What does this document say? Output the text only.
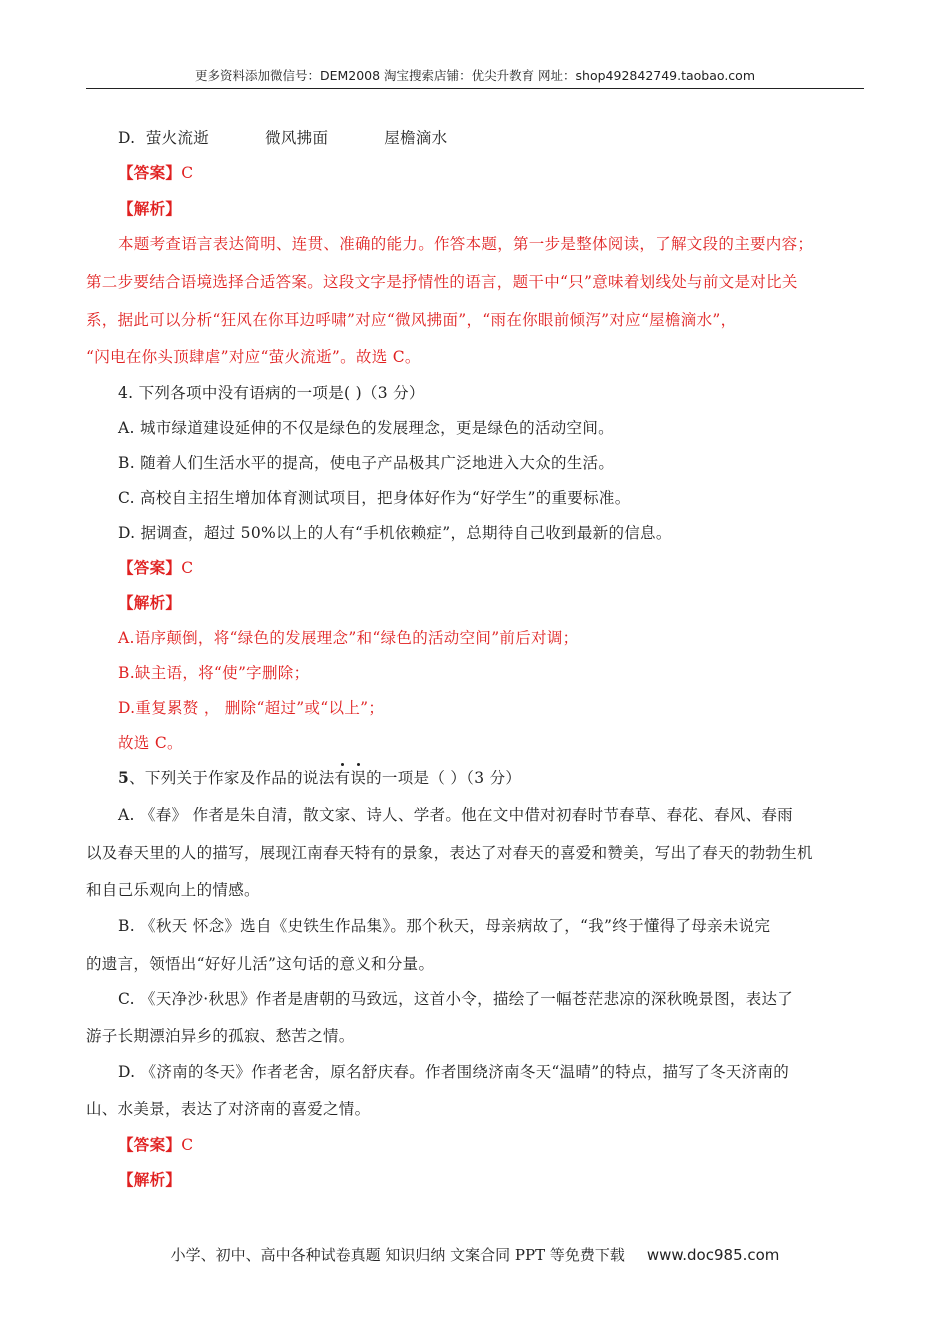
更多资料添加微信号：DEM2008 淘宝搜索店铺：优尖升教育 网址：shop492842749.taobao.com
D. 萤火流逝	微风拂面	屋檐滴水
【答案】C
【解析】
本题考查语言表达简明、连贯、准确的能力。作答本题，第一步是整体阅读，了解文段的主要内容；
第二步要结合语境选择合适答案。这段文字是抒情性的语言，题干中“只”意味着划线处与前文是对比关
系，据此可以分析“狂风在你耳边呼啸”对应“微风拂面”，“雨在你眼前倾泻”对应“屋檐滴水”，
“闪电在你头顶肆虐”对应“萤火流逝”。故选 C。
4. 下列各项中没有语病的一项是( )（3 分）
A. 城市绿道建设延伸的不仅是绿色的发展理念，更是绿色的活动空间。
B. 随着人们生活水平的提高，使电子产品极其广泛地进入大众的生活。
C. 高校自主招生增加体育测试项目，把身体好作为“好学生”的重要标准。
D. 据调查，超过 50%以上的人有“手机依赖症”，总期待自己收到最新的信息。
【答案】C
【解析】
A.语序颠倒，将“绿色的发展理念”和“绿色的活动空间”前后对调；
B.缺主语，将“使”字删除；
D.重复累赘 ， 删除“超过”或“以上”；
故选 C。
5、下列关于作家及作品的说法有误的一项是（ ）（3 分）
A. 《春》 作者是朱自清，散文家、诗人、学者。他在文中借对初春时节春草、春花、春风、春雨
以及春天里的人的描写，展现江南春天特有的景象，表达了对春天的喜爱和赞美，写出了春天的勃勃生机
和自己乐观向上的情感。
B. 《秋天 怀念》选自《史铁生作品集》。那个秋天，母亲病故了，“我”终于懂得了母亲未说完
的遗言，领悟出“好好儿活”这句话的意义和分量。
C. 《天净沙·秋思》作者是唐朝的马致远，这首小令，描绘了一幅苍茫悲凉的深秋晚景图，表达了
游子长期漂泊异乡的孤寂、愁苦之情。
D. 《济南的冬天》作者老舍，原名舒庆春。作者围绕济南冬天“温晴”的特点，描写了冬天济南的
山、水美景，表达了对济南的喜爱之情。
【答案】C
【解析】
小学、初中、高中各种试卷真题 知识归纳 文案合同 PPT 等免费下载 www.doc985.com
